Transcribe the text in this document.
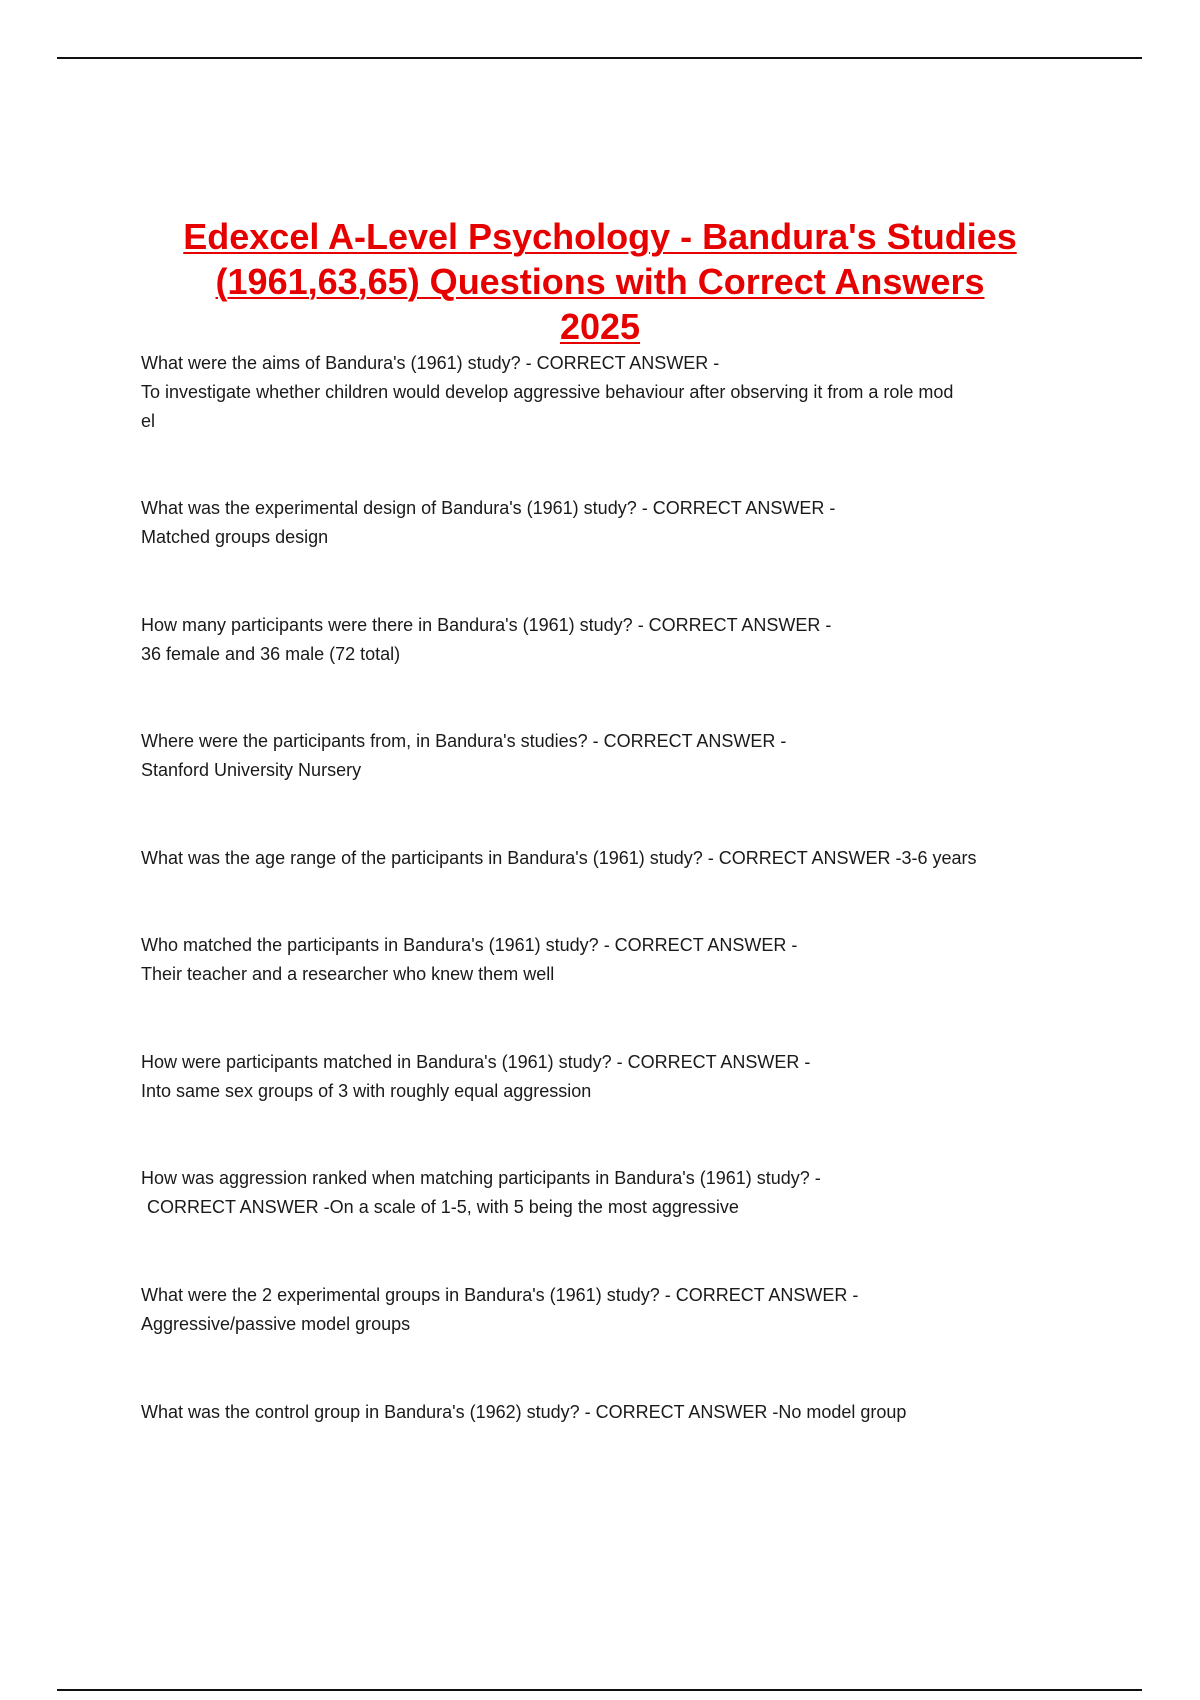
Edexcel A-Level Psychology - Bandura's Studies
(1961,63,65) Questions with Correct Answers
2025
What were the aims of Bandura's (1961) study? - CORRECT ANSWER -
To investigate whether children would develop aggressive behaviour after observing it from a role mod
el
What was the experimental design of Bandura's (1961) study? - CORRECT ANSWER -
Matched groups design
How many participants were there in Bandura's (1961) study? - CORRECT ANSWER -
36 female and 36 male (72 total)
Where were the participants from, in Bandura's studies? - CORRECT ANSWER -
Stanford University Nursery
What was the age range of the participants in Bandura's (1961) study? - CORRECT ANSWER -3-6 years
Who matched the participants in Bandura's (1961) study? - CORRECT ANSWER -
Their teacher and a researcher who knew them well
How were participants matched in Bandura's (1961) study? - CORRECT ANSWER -
Into same sex groups of 3 with roughly equal aggression
How was aggression ranked when matching participants in Bandura's (1961) study? -
CORRECT ANSWER -On a scale of 1-5, with 5 being the most aggressive
What were the 2 experimental groups in Bandura's (1961) study? - CORRECT ANSWER -
Aggressive/passive model groups
What was the control group in Bandura's (1962) study? - CORRECT ANSWER -No model group
